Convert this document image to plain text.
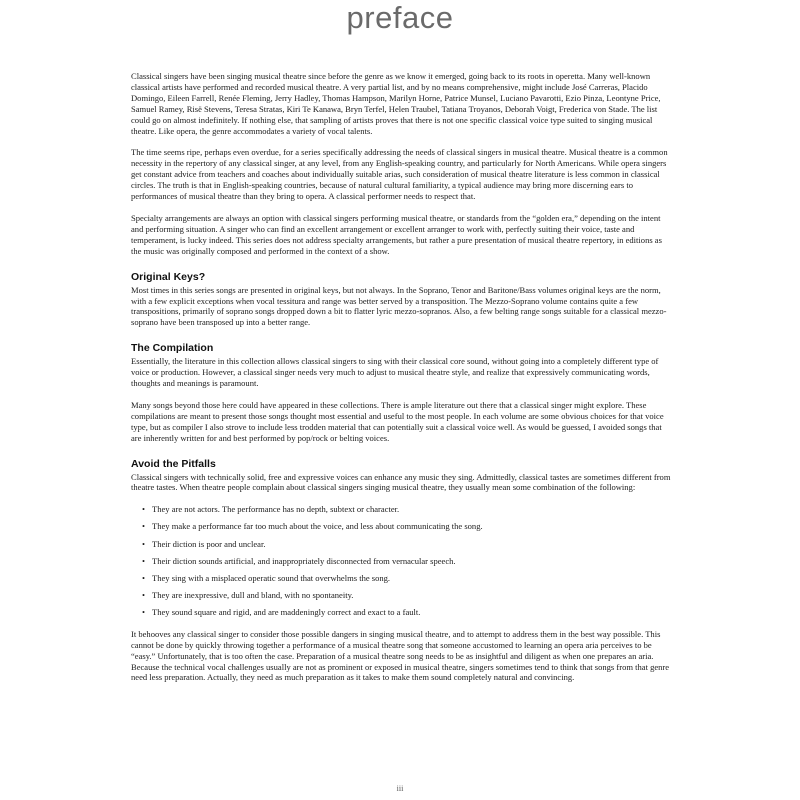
preface

Classical singers have been singing musical theatre since before the genre as we know it emerged, going back to its roots in operetta. Many well-known classical artists have performed and recorded musical theatre. A very partial list, and by no means comprehensive, might include José Carreras, Placido Domingo, Eileen Farrell, Renée Fleming, Jerry Hadley, Thomas Hampson, Marilyn Horne, Patrice Munsel, Luciano Pavarotti, Ezio Pinza, Leontyne Price, Samuel Ramey, Risë Stevens, Teresa Stratas, Kiri Te Kanawa, Bryn Terfel, Helen Traubel, Tatiana Troyanos, Deborah Voigt, Frederica von Stade. The list could go on almost indefinitely. If nothing else, that sampling of artists proves that there is not one specific classical voice type suited to singing musical theatre. Like opera, the genre accommodates a variety of vocal talents.

The time seems ripe, perhaps even overdue, for a series specifically addressing the needs of classical singers in musical theatre. Musical theatre is a common necessity in the repertory of any classical singer, at any level, from any English-speaking country, and particularly for North Americans. While opera singers get constant advice from teachers and coaches about individually suitable arias, such consideration of musical theatre literature is less common in classical circles. The truth is that in English-speaking countries, because of natural cultural familiarity, a typical audience may bring more discerning ears to performances of musical theatre than they bring to opera. A classical performer needs to respect that.

Specialty arrangements are always an option with classical singers performing musical theatre, or standards from the “golden era,” depending on the intent and performing situation. A singer who can find an excellent arrangement or excellent arranger to work with, perfectly suiting their voice, taste and temperament, is lucky indeed. This series does not address specialty arrangements, but rather a pure presentation of musical theatre repertory, in editions as the music was originally composed and performed in the context of a show.

Original Keys?

Most times in this series songs are presented in original keys, but not always. In the Soprano, Tenor and Baritone/Bass volumes original keys are the norm, with a few explicit exceptions when vocal tessitura and range was better served by a transposition. The Mezzo-Soprano volume contains quite a few transpositions, primarily of soprano songs dropped down a bit to flatter lyric mezzo-sopranos. Also, a few belting range songs suitable for a classical mezzo-soprano have been transposed up into a better range.

The Compilation

Essentially, the literature in this collection allows classical singers to sing with their classical core sound, without going into a completely different type of voice or production. However, a classical singer needs very much to adjust to musical theatre style, and realize that expressively communicating words, thoughts and meanings is paramount.

Many songs beyond those here could have appeared in these collections. There is ample literature out there that a classical singer might explore. These compilations are meant to present those songs thought most essential and useful to the most people. In each volume are some obvious choices for that voice type, but as compiler I also strove to include less trodden material that can potentially suit a classical voice well. As would be guessed, I avoided songs that are inherently written for and best performed by pop/rock or belting voices.

Avoid the Pitfalls

Classical singers with technically solid, free and expressive voices can enhance any music they sing. Admittedly, classical tastes are sometimes different from theatre tastes. When theatre people complain about classical singers singing musical theatre, they usually mean some combination of the following:

• They are not actors. The performance has no depth, subtext or character.
• They make a performance far too much about the voice, and less about communicating the song.
• Their diction is poor and unclear.
• Their diction sounds artificial, and inappropriately disconnected from vernacular speech.
• They sing with a misplaced operatic sound that overwhelms the song.
• They are inexpressive, dull and bland, with no spontaneity.
• They sound square and rigid, and are maddeningly correct and exact to a fault.

It behooves any classical singer to consider those possible dangers in singing musical theatre, and to attempt to address them in the best way possible. This cannot be done by quickly throwing together a performance of a musical theatre song that someone accustomed to learning an opera aria perceives to be “easy.” Unfortunately, that is too often the case. Preparation of a musical theatre song needs to be as insightful and diligent as when one prepares an aria. Because the technical vocal challenges usually are not as prominent or exposed in musical theatre, singers sometimes tend to think that songs from that genre need less preparation. Actually, they need as much preparation as it takes to make them sound completely natural and convincing.

iii
